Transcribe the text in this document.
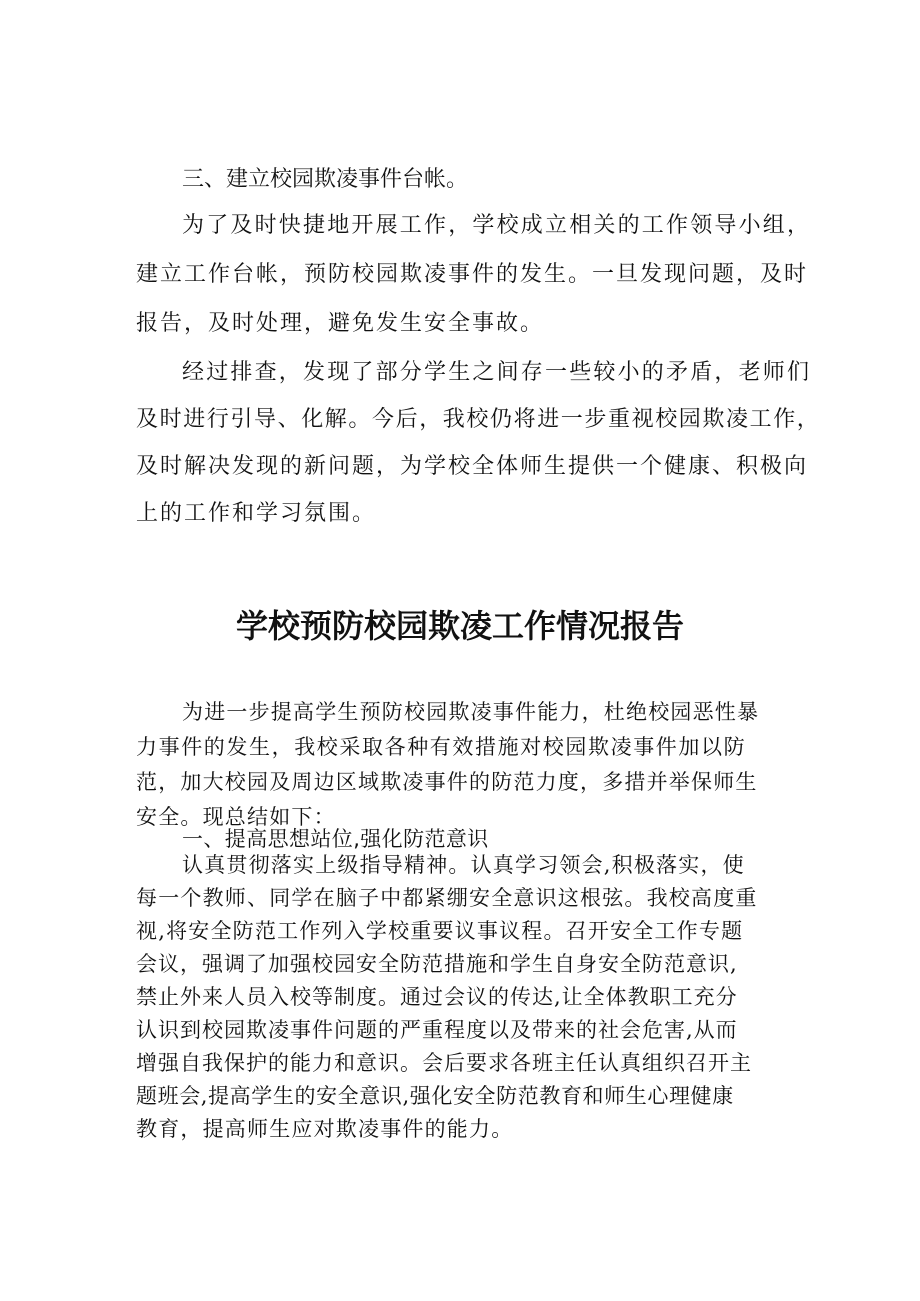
三、建立校园欺凌事件台帐。

为了及时快捷地开展工作，学校成立相关的工作领导小组，

建立工作台帐，预防校园欺凌事件的发生。一旦发现问题，及时

报告，及时处理，避免发生安全事故。

经过排查，发现了部分学生之间存一些较小的矛盾，老师们

及时进行引导、化解。今后，我校仍将进一步重视校园欺凌工作，

及时解决发现的新问题，为学校全体师生提供一个健康、积极向

上的工作和学习氛围。

学校预防校园欺凌工作情况报告

为进一步提高学生预防校园欺凌事件能力，杜绝校园恶性暴

力事件的发生，我校采取各种有效措施对校园欺凌事件加以防

范，加大校园及周边区域欺凌事件的防范力度，多措并举保师生

安全。现总结如下：

一、提高思想站位,强化防范意识

认真贯彻落实上级指导精神。认真学习领会,积极落实，使

每一个教师、同学在脑子中都紧绷安全意识这根弦。我校高度重

视,将安全防范工作列入学校重要议事议程。召开安全工作专题

会议，强调了加强校园安全防范措施和学生自身安全防范意识,

禁止外来人员入校等制度。通过会议的传达,让全体教职工充分

认识到校园欺凌事件问题的严重程度以及带来的社会危害,从而

增强自我保护的能力和意识。会后要求各班主任认真组织召开主

题班会,提高学生的安全意识,强化安全防范教育和师生心理健康

教育，提高师生应对欺凌事件的能力。
